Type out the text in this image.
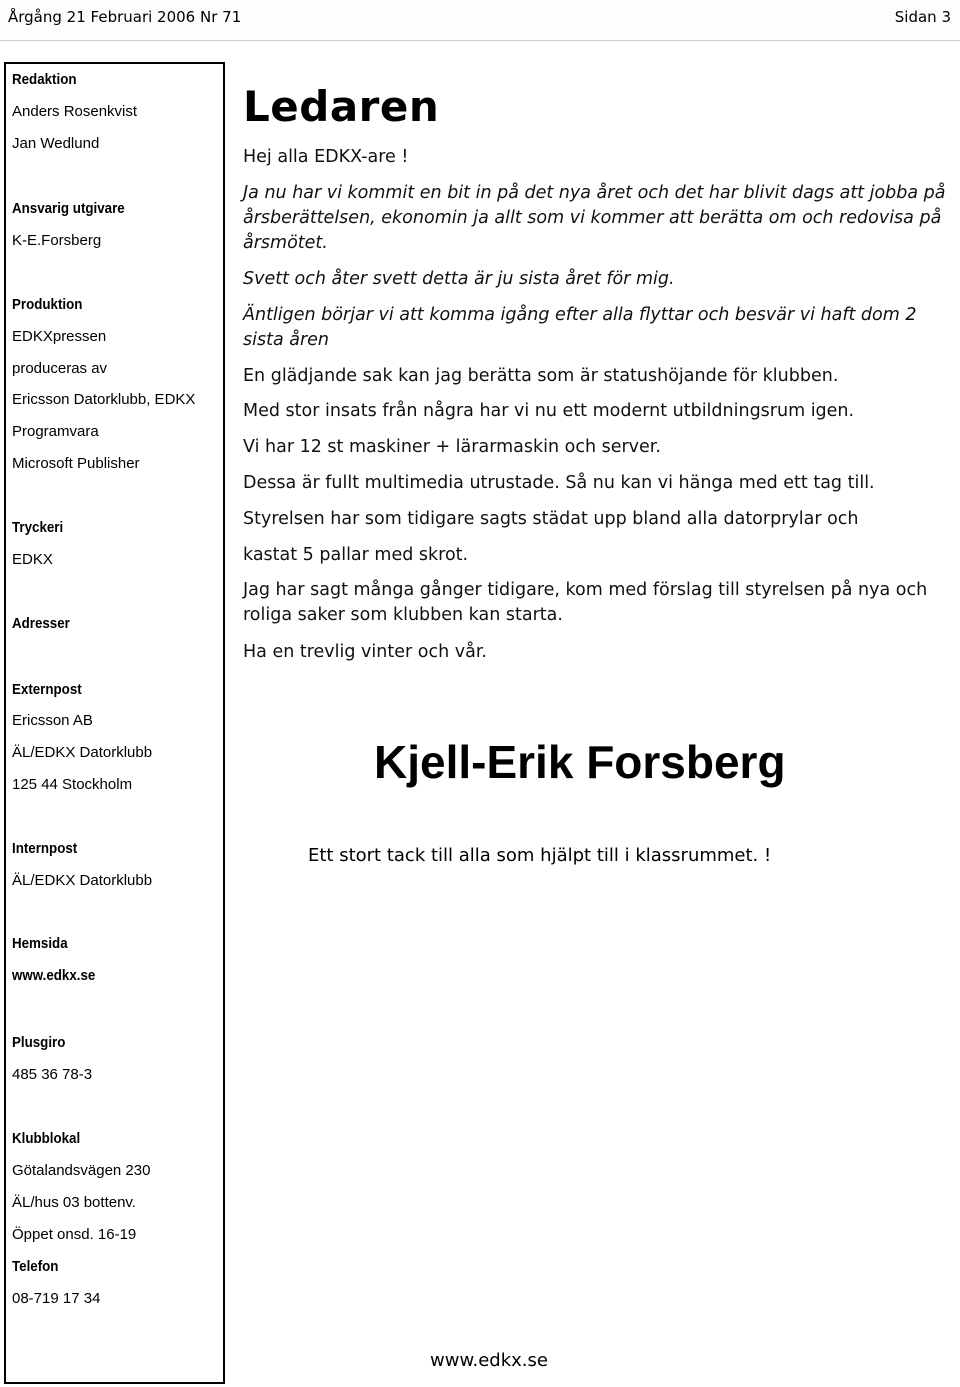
Årgång 21 Februari 2006 Nr 71	Sidan 3
Redaktion
Anders Rosenkvist
Jan Wedlund
Ansvarig utgivare
K-E.Forsberg
Produktion
EDKXpressen
produceras av
Ericsson Datorklubb, EDKX
Programvara
Microsoft Publisher
Tryckeri
EDKX
Adresser
Externpost
Ericsson AB
ÄL/EDKX Datorklubb
125 44 Stockholm
Internpost
ÄL/EDKX Datorklubb
Hemsida
www.edkx.se
Plusgiro
485 36 78-3
Klubblokal
Götalandsvägen 230
ÄL/hus 03 bottenv.
Öppet onsd. 16-19
Telefon
08-719 17 34
Ledaren
Hej alla EDKX-are !
Ja nu har vi kommit en bit in på det nya året och det har blivit dags att jobba på årsberättelsen, ekonomin ja allt som vi kommer att berätta om och redovisa på årsmötet.
Svett och åter svett detta är ju sista året för mig.
Äntligen börjar vi att komma igång efter alla flyttar och besvär vi haft dom 2 sista åren
En glädjande sak kan jag berätta som är statushöjande för klubben.
Med stor insats från några har vi nu ett modernt utbildningsrum igen.
Vi har 12 st maskiner + lärarmaskin och server.
Dessa är fullt multimedia utrustade. Så nu kan vi hänga med ett tag till.
Styrelsen har som tidigare sagts städat upp bland alla datorprylar och
kastat 5 pallar med skrot.
Jag har sagt många gånger tidigare, kom med förslag till styrelsen på nya och roliga saker som klubben kan starta.
Ha en trevlig vinter och vår.
Kjell-Erik Forsberg
Ett stort tack till alla som hjälpt till i klassrummet. !
www.edkx.se
